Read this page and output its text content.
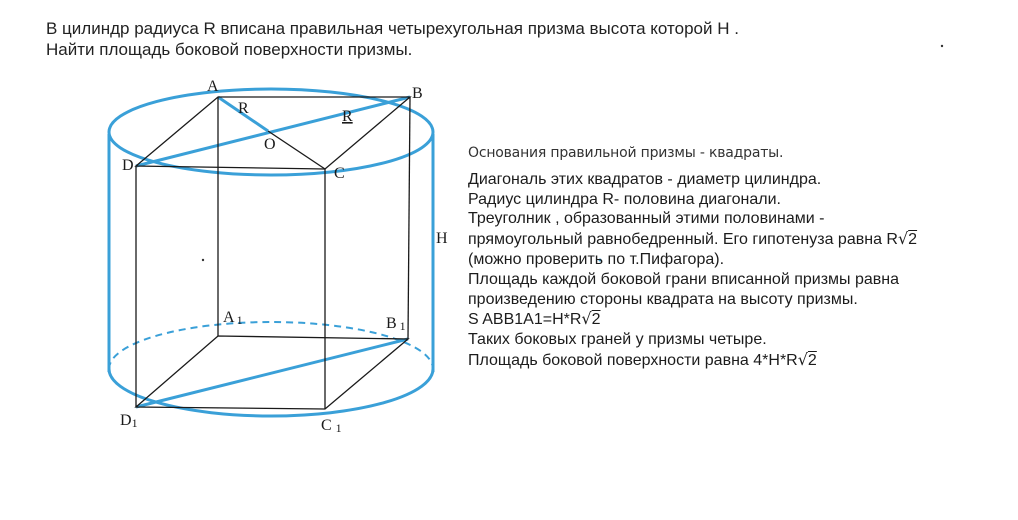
В цилиндр радиуса R вписана правильная четырехугольная призма высота которой H .
Найти площадь боковой поверхности призмы.
A	B
C
D
O
R	R
H
A 1	B 1
C 1
D1
Основания правильной призмы - квадраты.
Диагональ этих квадратов - диаметр цилиндра.
Радиус цилиндра R- половина диагонали.
Треуголник , образованный этими половинами -
прямоугольный равнобедренный. Его гипотенуза равна R√2
(можно проверить по т.Пифагора).
Площадь каждой боковой грани вписанной призмы равна
произведению стороны квадрата на высоту призмы.
S ABB1A1=H*R√2
Таких боковых граней у призмы четыре.
Площадь боковой поверхности равна 4*H*R√2
